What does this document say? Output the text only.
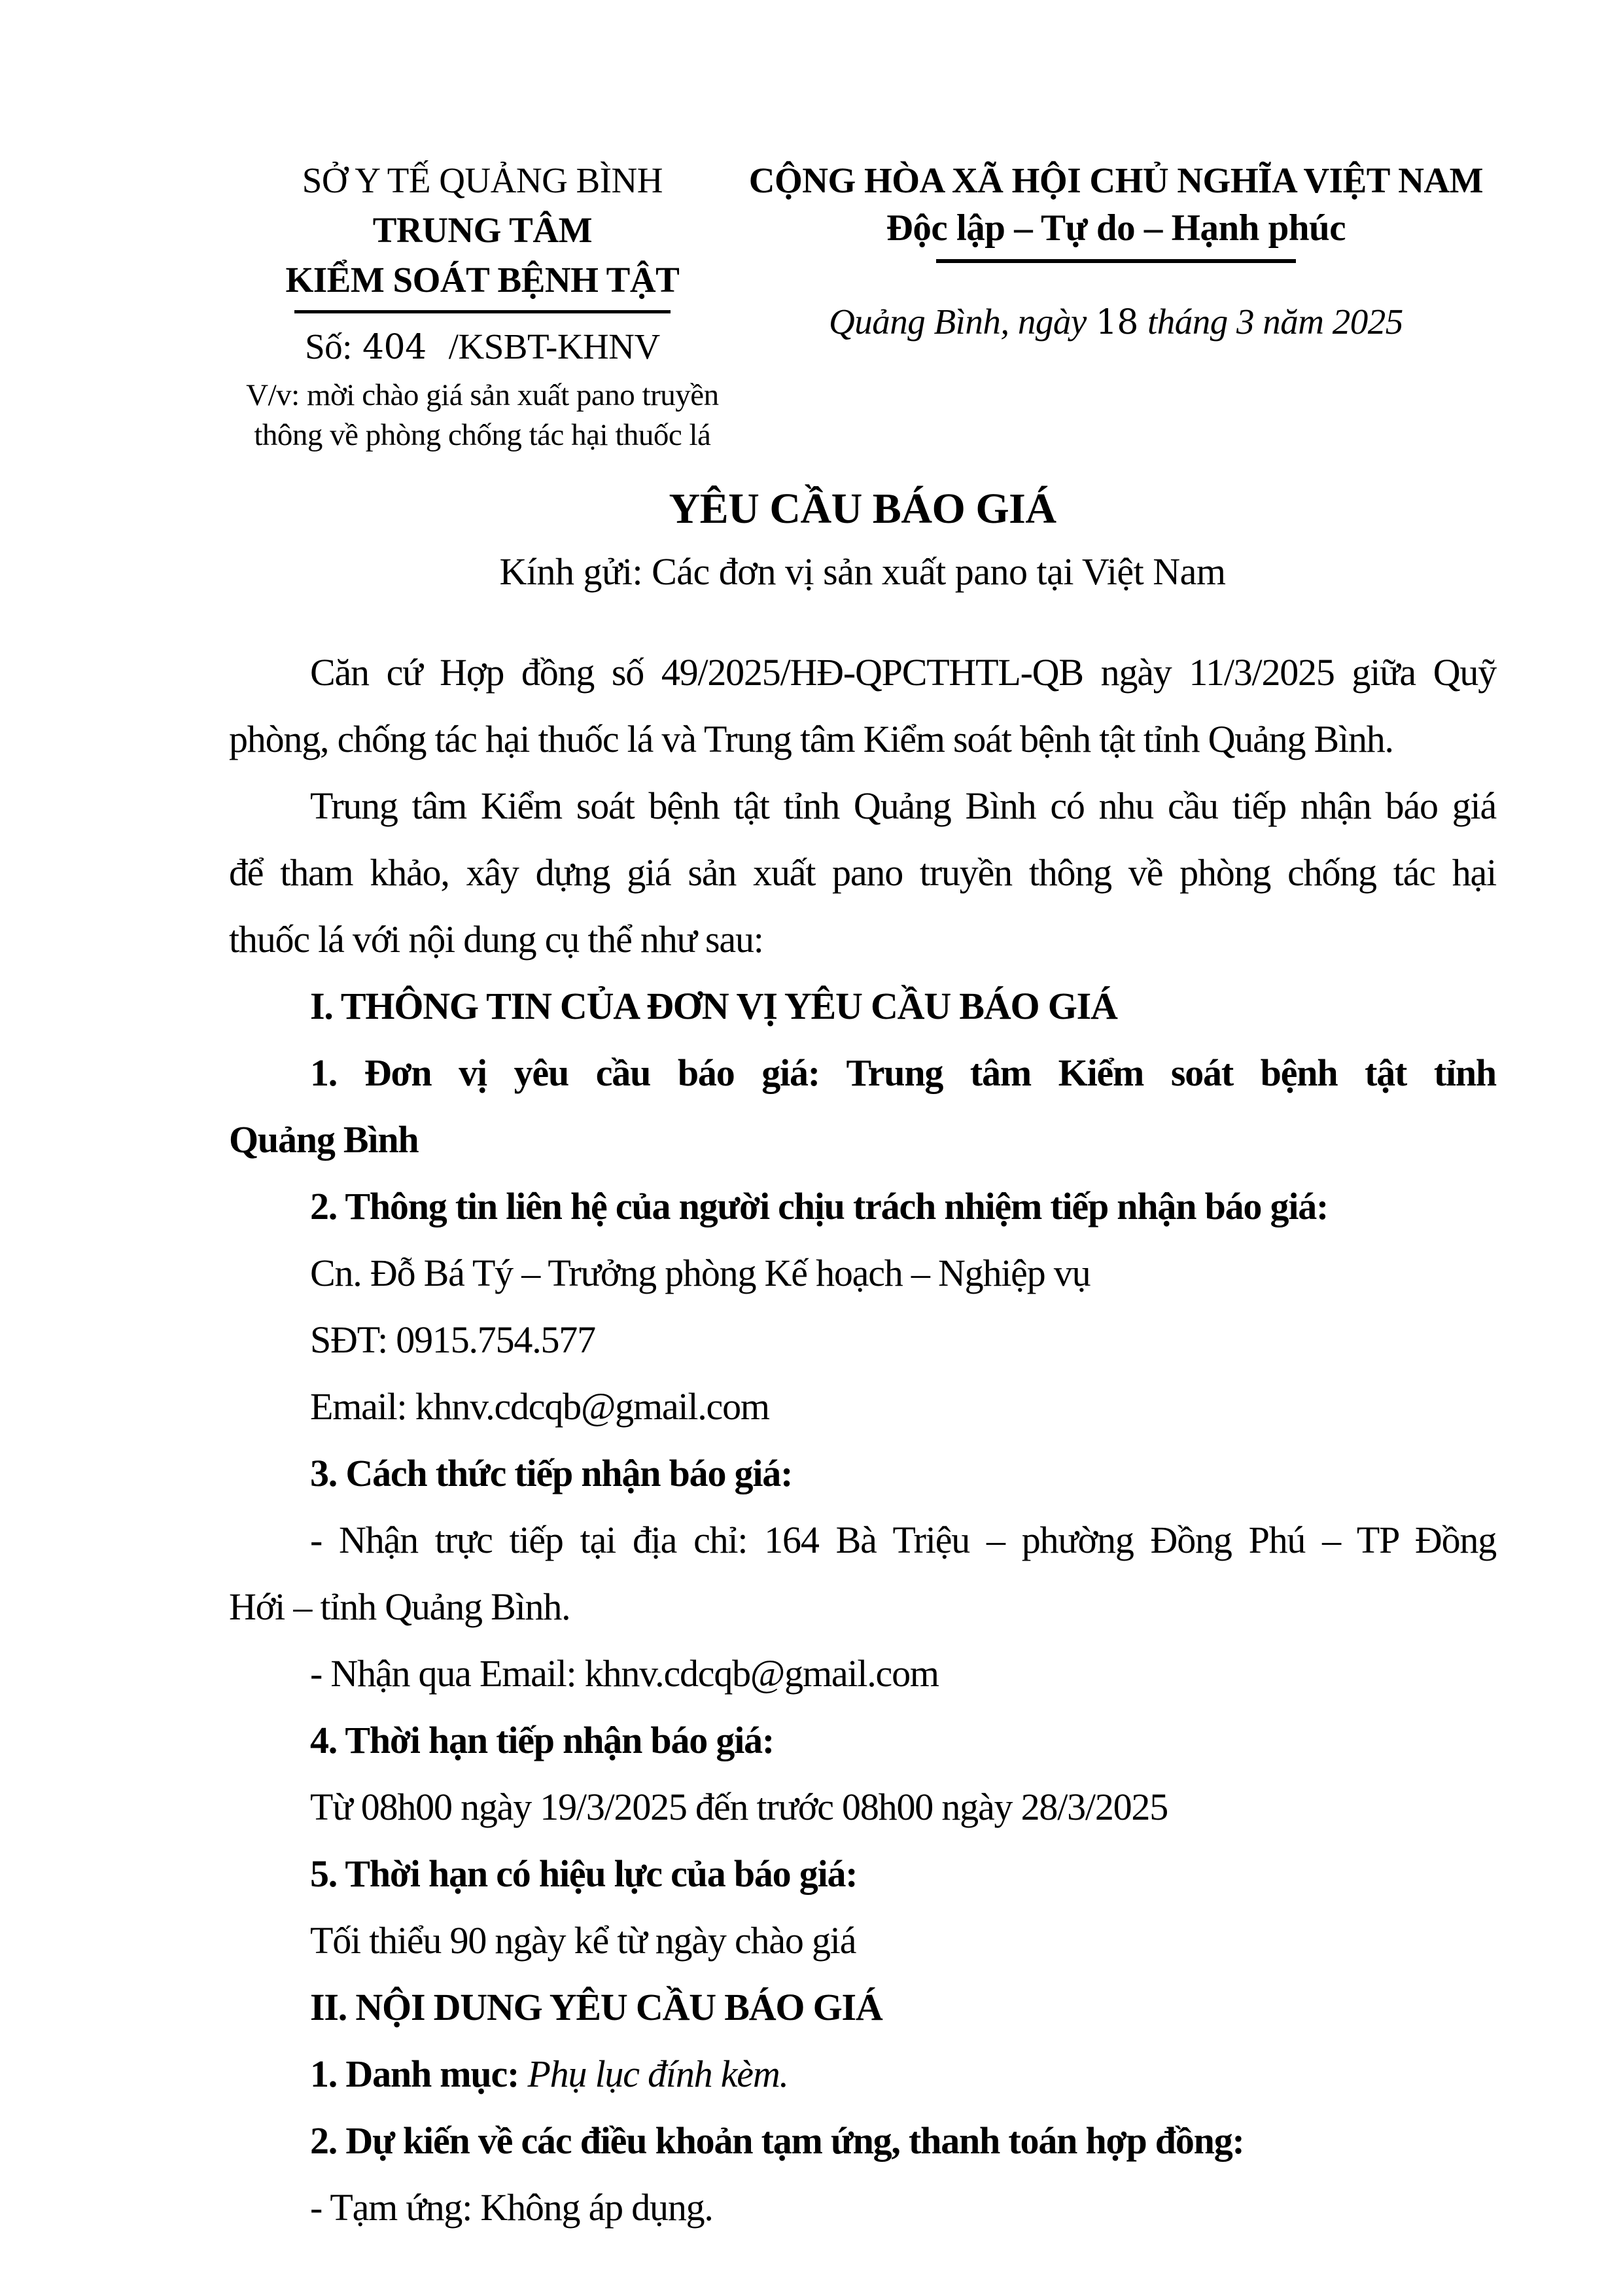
SỞ Y TẾ QUẢNG BÌNH
TRUNG TÂM
KIỂM SOÁT BỆNH TẬT
Số: 404 /KSBT-KHNV
V/v: mời chào giá sản xuất pano truyền thông về phòng chống tác hại thuốc lá
CỘNG HÒA XÃ HỘI CHỦ NGHĨA VIỆT NAM
Độc lập – Tự do – Hạnh phúc
Quảng Bình, ngày 18 tháng 3 năm 2025
YÊU CẦU BÁO GIÁ
Kính gửi: Các đơn vị sản xuất pano tại Việt Nam
Căn cứ Hợp đồng số 49/2025/HĐ-QPCTHTL-QB ngày 11/3/2025 giữa Quỹ
phòng, chống tác hại thuốc lá và Trung tâm Kiểm soát bệnh tật tỉnh Quảng Bình.
Trung tâm Kiểm soát bệnh tật tỉnh Quảng Bình có nhu cầu tiếp nhận báo giá
để tham khảo, xây dựng giá sản xuất pano truyền thông về phòng chống tác hại
thuốc lá với nội dung cụ thể như sau:
I. THÔNG TIN CỦA ĐƠN VỊ YÊU CẦU BÁO GIÁ
1. Đơn vị yêu cầu báo giá: Trung tâm Kiểm soát bệnh tật tỉnh
Quảng Bình
2. Thông tin liên hệ của người chịu trách nhiệm tiếp nhận báo giá:
Cn. Đỗ Bá Tý – Trưởng phòng Kế hoạch – Nghiệp vụ
SĐT: 0915.754.577
Email: khnv.cdcqb@gmail.com
3. Cách thức tiếp nhận báo giá:
- Nhận trực tiếp tại địa chỉ: 164 Bà Triệu – phường Đồng Phú – TP Đồng
Hới – tỉnh Quảng Bình.
- Nhận qua Email: khnv.cdcqb@gmail.com
4. Thời hạn tiếp nhận báo giá:
Từ 08h00 ngày 19/3/2025 đến trước 08h00 ngày 28/3/2025
5. Thời hạn có hiệu lực của báo giá:
Tối thiểu 90 ngày kể từ ngày chào giá
II. NỘI DUNG YÊU CẦU BÁO GIÁ
1. Danh mục: Phụ lục đính kèm.
2. Dự kiến về các điều khoản tạm ứng, thanh toán hợp đồng:
- Tạm ứng: Không áp dụng.
